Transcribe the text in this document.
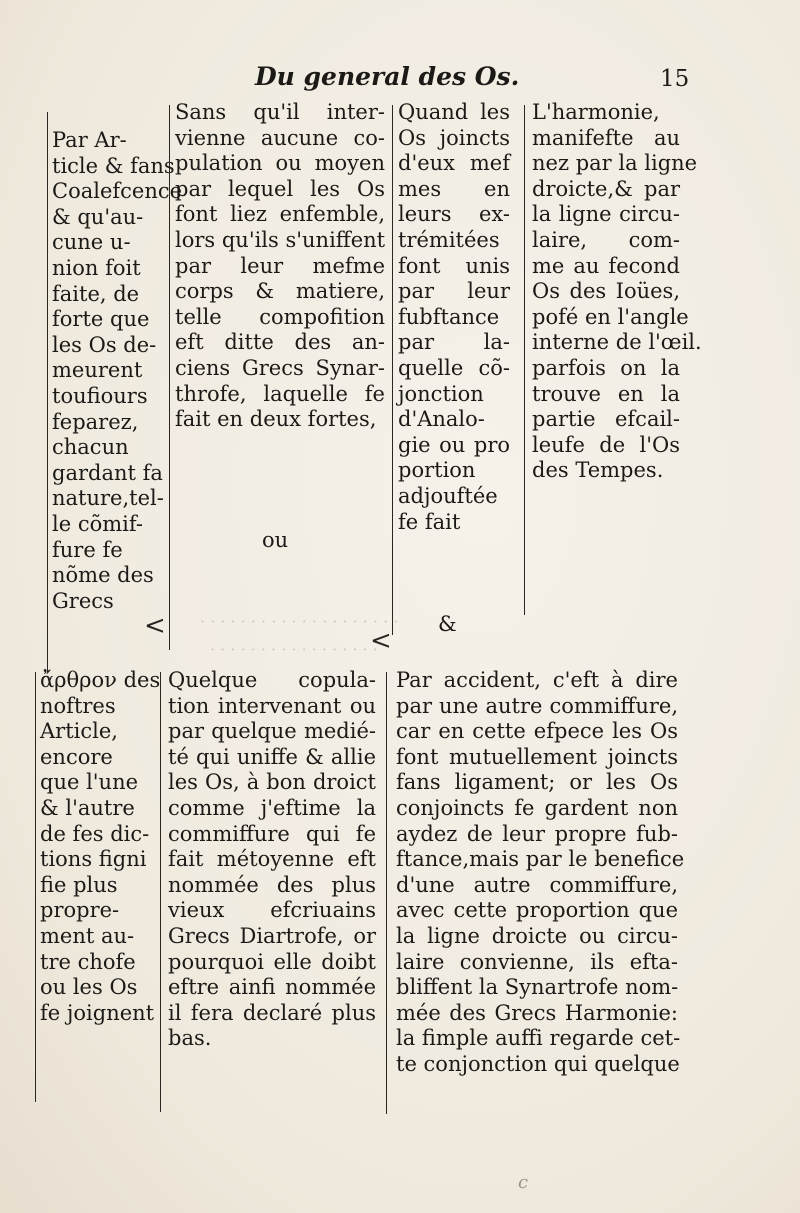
Du general des Os.	15
· · · · · · · · · · · · · · · · · · · ·
· · · · · · · · · · · · · · · · ·
Par Ar-
ticle & fans
Coalefcence
& qu'au-
cune u-
nion foit
faite, de
forte que
les Os de-
meurent
toufiours
feparez,
chacun
gardant fa
nature,tel-
le cõmif-
fure fe
nõme des
Grecs
<
Sans qu'il inter-
vienne aucune co-
pulation ou moyen
par lequel les Os
font liez enfemble,
lors qu'ils s'uniffent
par leur mefme
corps & matiere,
telle compofition
eft ditte des an-
ciens Grecs Synar-
throfe, laquelle fe
fait en deux fortes,
ou
<
Quand les
Os joincts
d'eux mef
mes en
leurs ex-
trémitées
font unis
par leur
fubftance
par la-
quelle cõ-
jonction
d'Analo-
gie ou pro
portion
adjouftée
fe fait
&
L'harmonie,
manifefte au
nez par la ligne
droicte,& par
la ligne circu-
laire, com-
me au fecond
Os des Ioües,
pofé en l'angle
interne de l'œil.
parfois on la
trouve en la
partie efcail-
leufe de l'Os
des Tempes.
ἄρθρον des
noftres
Article,
encore
que l'une
& l'autre
de fes dic-
tions figni
fie plus
propre-
ment au-
tre chofe
ou les Os
fe joignent
Quelque copula-
tion intervenant ou
par quelque medié-
té qui uniffe & allie
les Os, à bon droict
comme j'eftime la
commiffure qui fe
fait métoyenne eft
nommée des plus
vieux efcriuains
Grecs Diartrofe, or
pourquoi elle doibt
eftre ainfi nommée
il fera declaré plus
bas.
Par accident, c'eft à dire
par une autre commiffure,
car en cette efpece les Os
font mutuellement joincts
fans ligament; or les Os
conjoincts fe gardent non
aydez de leur propre fub-
ftance,mais par le benefice
d'une autre commiffure,
avec cette proportion que
la ligne droicte ou circu-
laire convienne, ils efta-
bliffent la Synartrofe nom-
mée des Grecs Harmonie:
la fimple auffi regarde cet-
te conjonction qui quelque
c
